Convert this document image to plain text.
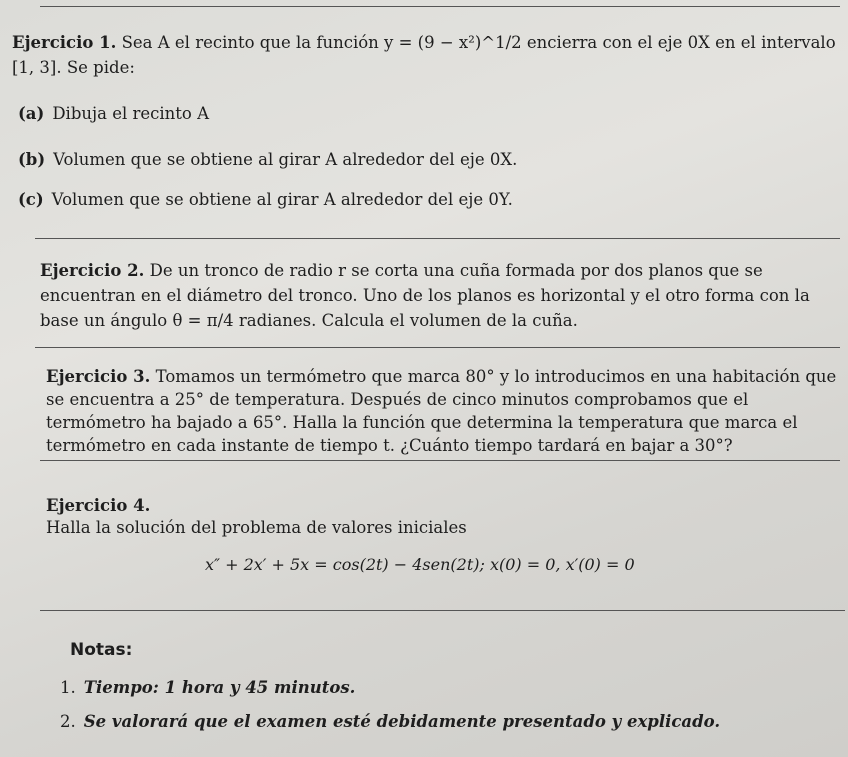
Ejercicio 1. Sea A el recinto que la función y = (9 − x²)^1/2 encierra con el eje 0X en el intervalo [1, 3]. Se pide:
(a) Dibuja el recinto A
(b) Volumen que se obtiene al girar A alrededor del eje 0X.
(c) Volumen que se obtiene al girar A alrededor del eje 0Y.
Ejercicio 2. De un tronco de radio r se corta una cuña formada por dos planos que se encuentran en el diámetro del tronco. Uno de los planos es horizontal y el otro forma con la base un ángulo θ = π/4 radianes. Calcula el volumen de la cuña.
Ejercicio 3. Tomamos un termómetro que marca 80° y lo introducimos en una habitación que se encuentra a 25° de temperatura. Después de cinco minutos comprobamos que el termómetro ha bajado a 65°. Halla la función que determina la temperatura que marca el termómetro en cada instante de tiempo t. ¿Cuánto tiempo tardará en bajar a 30°?
Ejercicio 4.
Halla la solución del problema de valores iniciales
x″ + 2x′ + 5x = cos(2t) − 4sen(2t); x(0) = 0, x′(0) = 0
Notas:
1. Tiempo: 1 hora y 45 minutos.
2. Se valorará que el examen esté debidamente presentado y explicado.
